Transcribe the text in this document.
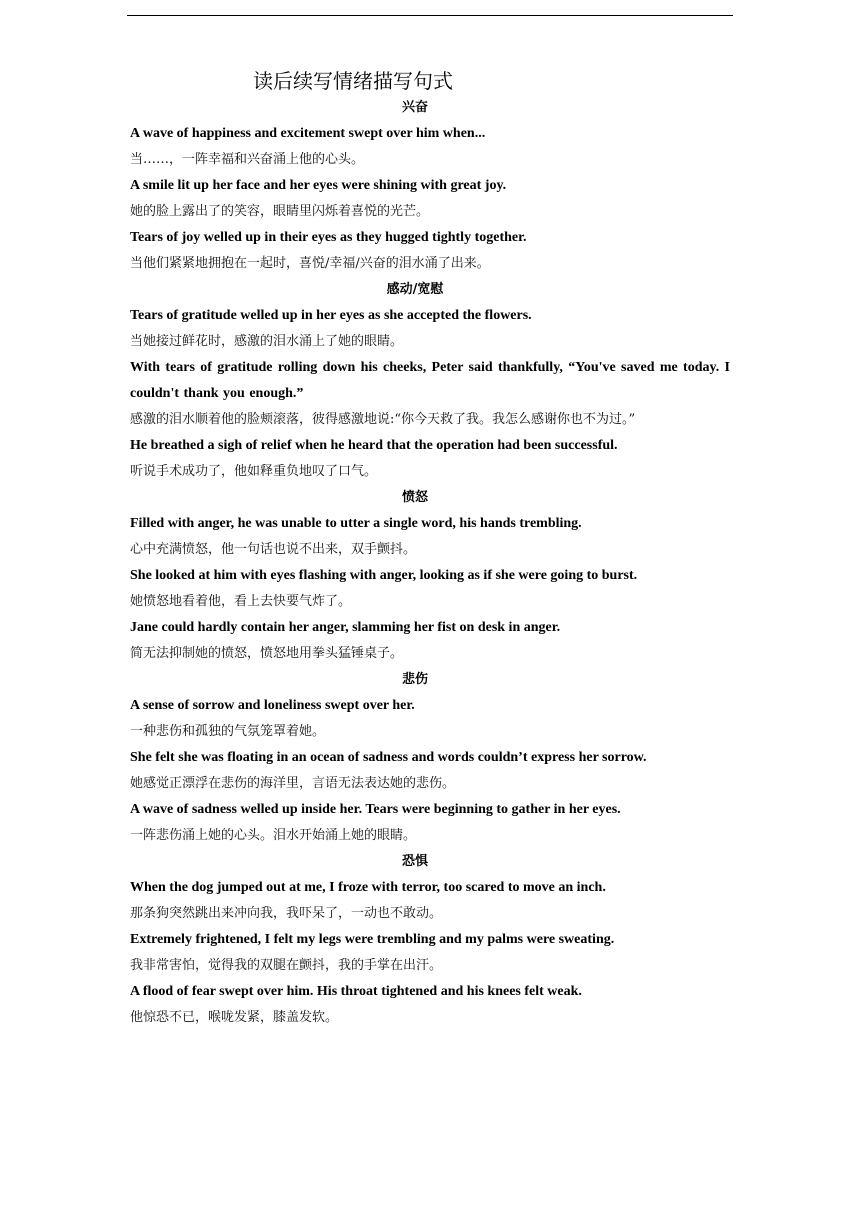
读后续写情绪描写句式
兴奋
A wave of happiness and excitement swept over him when...
当……，一阵幸福和兴奋涌上他的心头。
A smile lit up her face and her eyes were shining with great joy.
她的脸上露出了的笑容，眼睛里闪烁着喜悦的光芒。
Tears of joy welled up in their eyes as they hugged tightly together.
当他们紧紧地拥抱在一起时，喜悦/幸福/兴奋的泪水涌了出来。
感动/宽慰
Tears of gratitude welled up in her eyes as she accepted the flowers.
当她接过鲜花时，感激的泪水涌上了她的眼睛。
With tears of gratitude rolling down his cheeks, Peter said thankfully, “You've saved me today. I couldn't thank you enough.”
感激的泪水顺着他的脸颊滚落，彼得感激地说:“你今天救了我。我怎么感谢你也不为过。”
He breathed a sigh of relief when he heard that the operation had been successful.
听说手术成功了，他如释重负地叹了口气。
愤怒
Filled with anger, he was unable to utter a single word, his hands trembling.
心中充满愤怒，他一句话也说不出来，双手颤抖。
She looked at him with eyes flashing with anger, looking as if she were going to burst.
她愤怒地看着他，看上去快要气炸了。
Jane could hardly contain her anger, slamming her fist on desk in anger.
简无法抑制她的愤怒，愤怒地用拳头猛锤桌子。
悲伤
A sense of sorrow and loneliness swept over her.
一种悲伤和孤独的气氛笼罩着她。
She felt she was floating in an ocean of sadness and words couldn’t express her sorrow.
她感觉正漂浮在悲伤的海洋里，言语无法表达她的悲伤。
A wave of sadness welled up inside her. Tears were beginning to gather in her eyes.
一阵悲伤涌上她的心头。泪水开始涌上她的眼睛。
恐惧
When the dog jumped out at me, I froze with terror, too scared to move an inch.
那条狗突然跳出来冲向我，我吓呆了，一动也不敢动。
Extremely frightened, I felt my legs were trembling and my palms were sweating.
我非常害怕，觉得我的双腿在颤抖，我的手掌在出汗。
A flood of fear swept over him. His throat tightened and his knees felt weak.
他惊恐不已，喉咙发紧，膝盖发软。
